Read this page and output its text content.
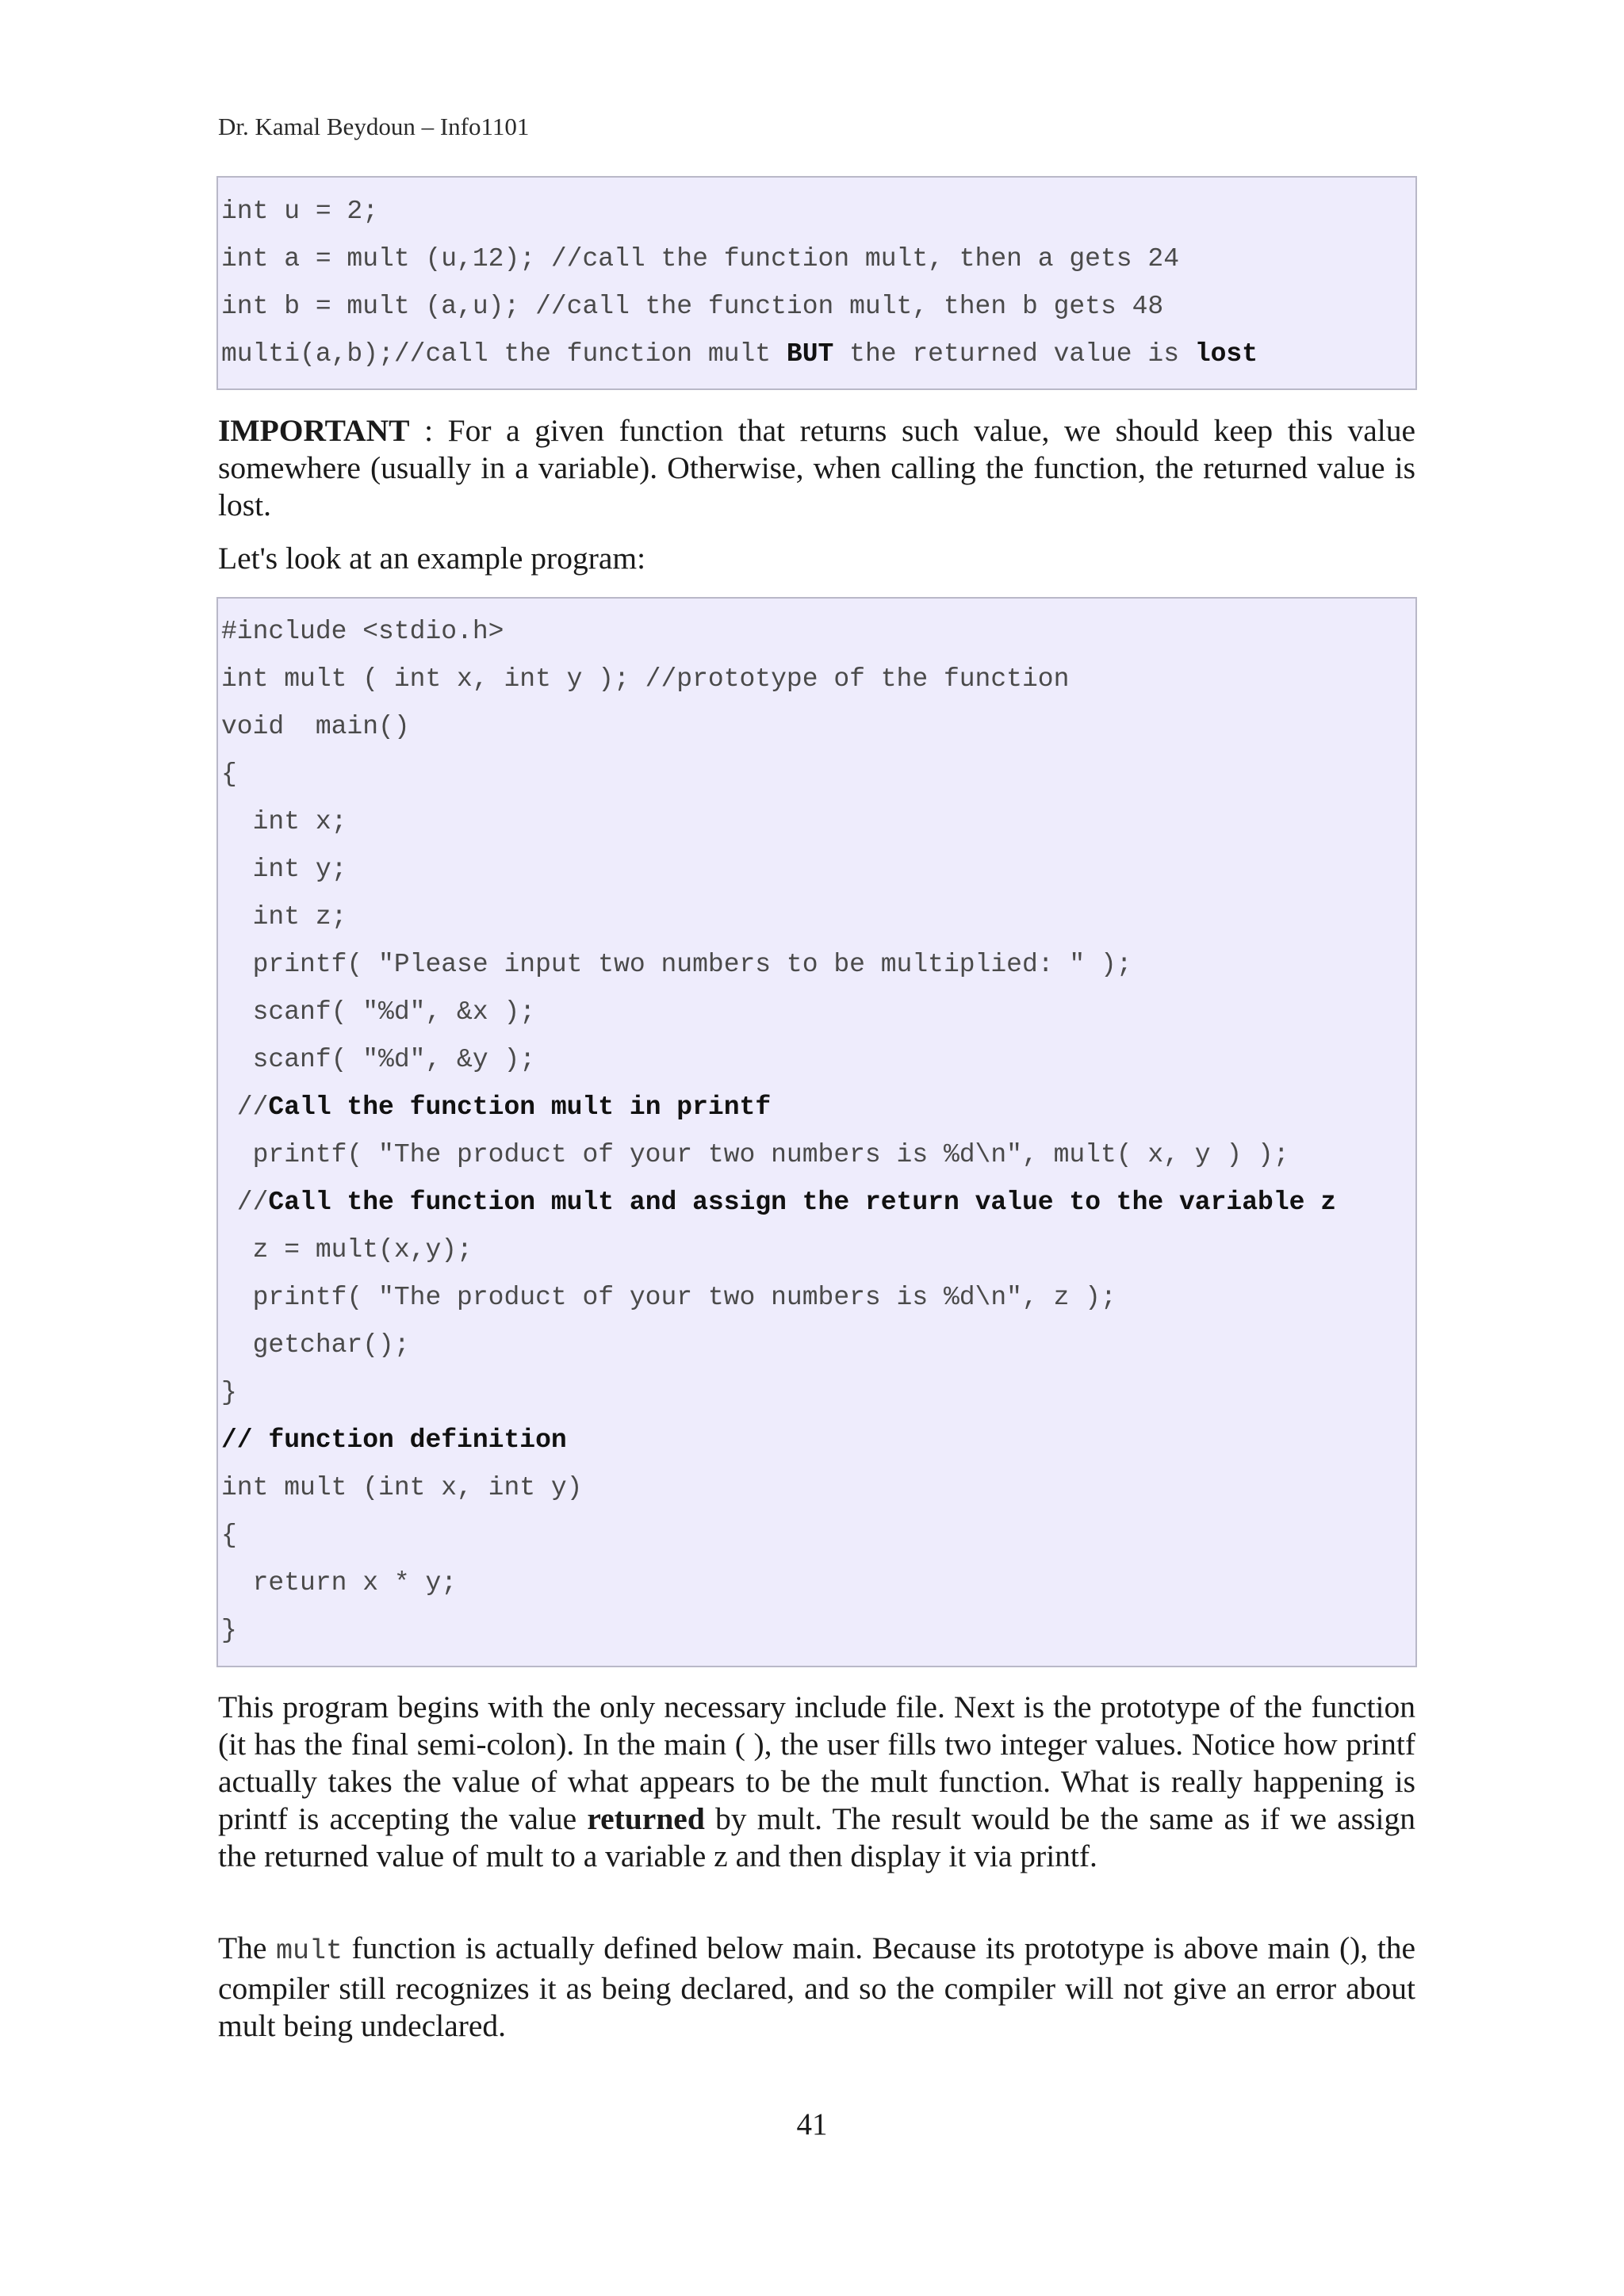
Dr. Kamal Beydoun – Info1101
int u = 2;
int a = mult (u,12); //call the function mult, then a gets 24
int b = mult (a,u); //call the function mult, then b gets 48
multi(a,b);//call the function mult BUT the returned value is lost
IMPORTANT : For a given function that returns such value, we should keep this value somewhere (usually in a variable). Otherwise, when calling the function, the returned value is lost.
Let's look at an example program:
#include <stdio.h>
int mult ( int x, int y ); //prototype of the function
void  main()
{
int x;
int y;
int z;
printf( "Please input two numbers to be multiplied: " );
scanf( "%d", &x );
scanf( "%d", &y );
//Call the function mult in printf
printf( "The product of your two numbers is %d\n", mult( x, y ) );
//Call the function mult and assign the return value to the variable z
z = mult(x,y);
printf( "The product of your two numbers is %d\n", z );
getchar();
}
// function definition
int mult (int x, int y)
{
return x * y;
}
This program begins with the only necessary include file. Next is the prototype of the function (it has the final semi-colon). In the main ( ), the user fills two integer values. Notice how printf actually takes the value of what appears to be the mult function. What is really happening is printf is accepting the value returned by mult. The result would be the same as if we assign the returned value of mult to a variable z and then display it via printf.
The mult function is actually defined below main. Because its prototype is above main (), the compiler still recognizes it as being declared, and so the compiler will not give an error about mult being undeclared.
41
